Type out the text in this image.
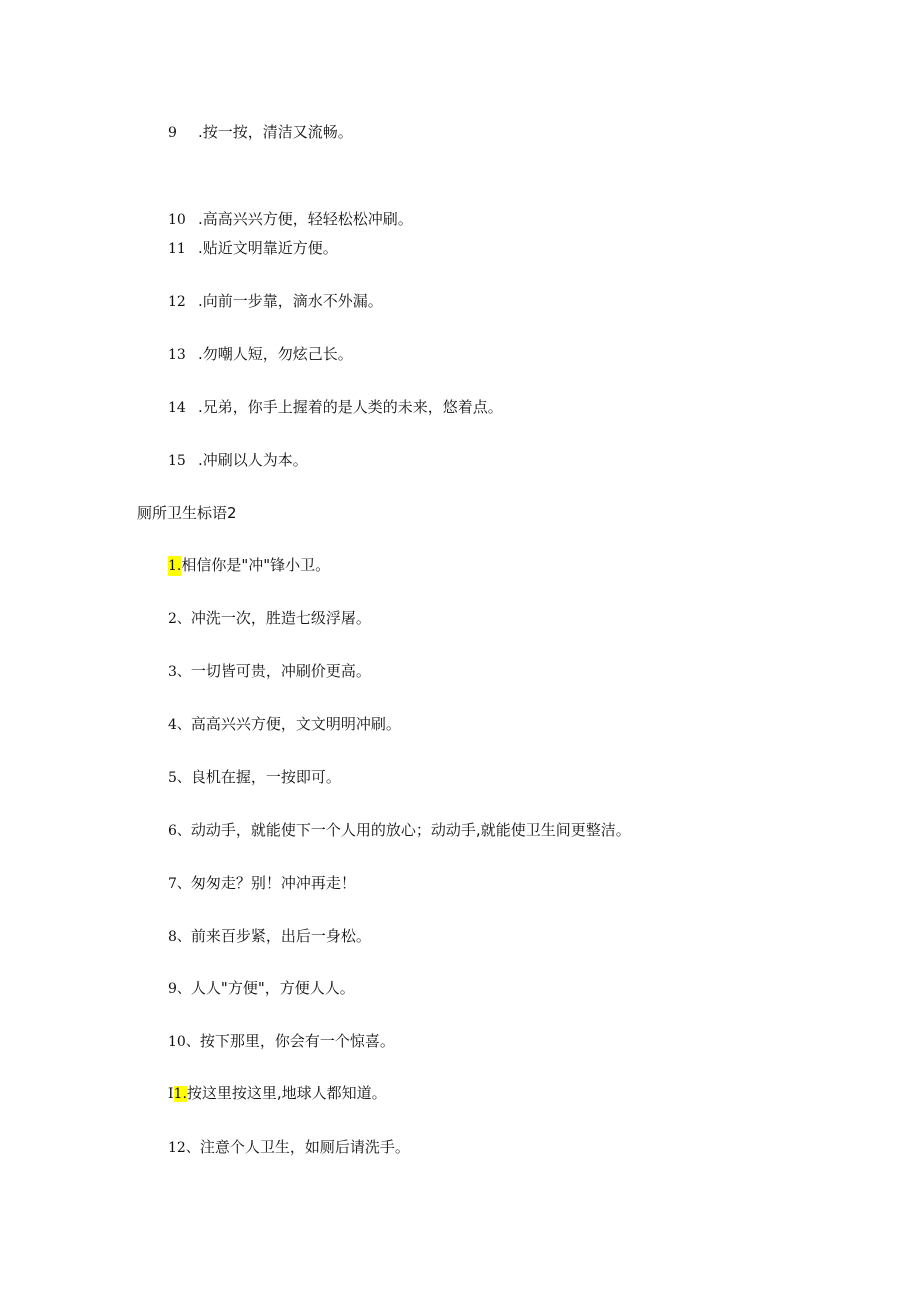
9 .按一按，清洁又流畅。
10 .高高兴兴方便，轻轻松松冲刷。
11 .贴近文明靠近方便。
12 .向前一步靠，滴水不外漏。
13 .勿嘲人短，勿炫己长。
14 .兄弟，你手上握着的是人类的未来，悠着点。
15 .冲刷以人为本。
厕所卫生标语2
1.相信你是"冲"锋小卫。
2、冲洗一次，胜造七级浮屠。
3、一切皆可贵，冲刷价更高。
4、高高兴兴方便，文文明明冲刷。
5、良机在握，一按即可。
6、动动手，就能使下一个人用的放心；动动手,就能使卫生间更整洁。
7、匆匆走？别！冲冲再走！
8、前来百步紧，出后一身松。
9、人人"方便"，方便人人。
10、按下那里，你会有一个惊喜。
I1.按这里按这里,地球人都知道。
12、注意个人卫生，如厕后请洗手。
